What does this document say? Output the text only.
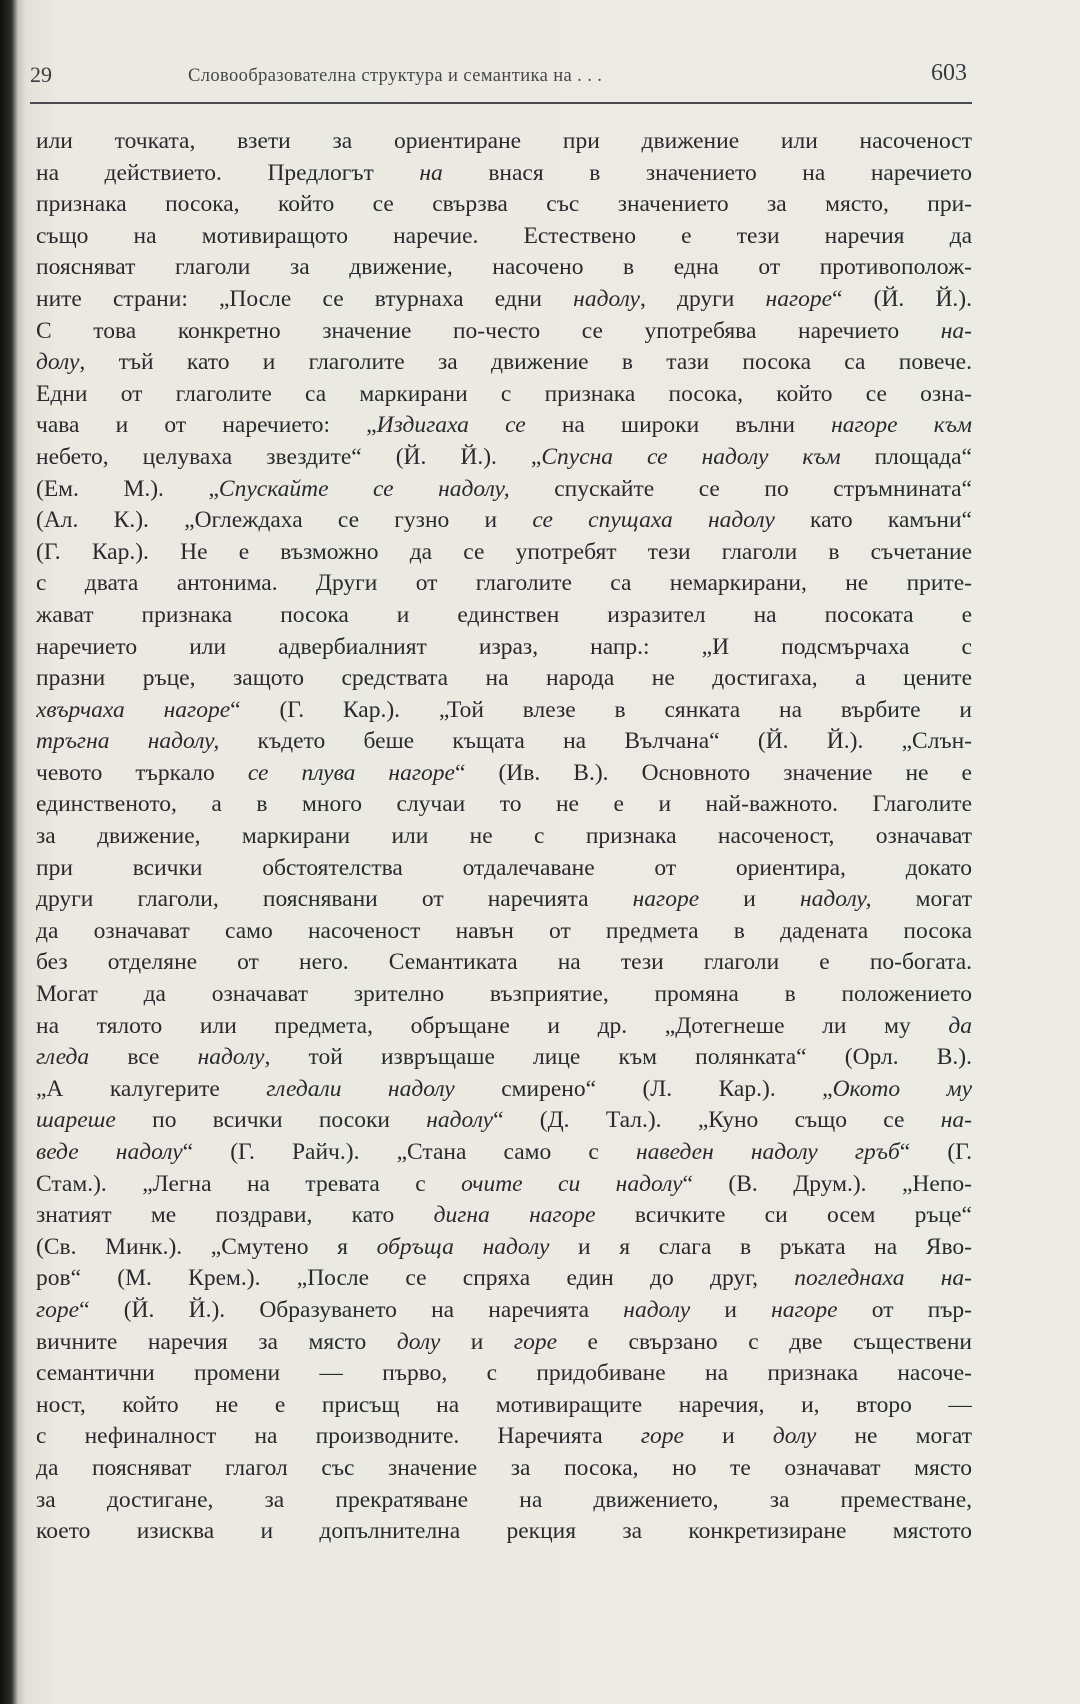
29	Словообразователна структура и семантика на . . .	603
или точката, взети за ориентиране при движение или насоченост
на действието. Предлогът на внася в значението на наречието
признака посока, който се свързва със значението за място, при-
също на мотивиращото наречие. Естествено е тези наречия да
поясняват глаголи за движение, насочено в една от противополож-
ните страни: „После се втурнаха едни надолу, други нагоре“ (Й. Й.).
С това конкретно значение по-често се употребява наречието на-
долу, тъй като и глаголите за движение в тази посока са повече.
Едни от глаголите са маркирани с признака посока, който се озна-
чава и от наречието: „Издигаха се на широки вълни нагоре към
небето, целуваха звездите“ (Й. Й.). „Спусна се надолу към площада“
(Ем. М.). „Спускайте се надолу, спускайте се по стръмнината“
(Ал. К.). „Оглеждаха се гузно и се спущаха надолу като камъни“
(Г. Кар.). Не е възможно да се употребят тези глаголи в съчетание
с двата антонима. Други от глаголите са немаркирани, не прите-
жават признака посока и единствен изразител на посоката е
наречието или адвербиалният израз, напр.: „И подсмърчаха с
празни ръце, защото средствата на народа не достигаха, а цените
хвърчаха нагоре“ (Г. Кар.). „Той влезе в сянката на върбите и
тръгна надолу, където беше къщата на Вълчана“ (Й. Й.). „Слън-
чевото търкало се плува нагоре“ (Ив. В.). Основното значение не е
единственото, а в много случаи то не е и най-важното. Глаголите
за движение, маркирани или не с признака насоченост, означават
при всички обстоятелства отдалечаване от ориентира, докато
други глаголи, пояснявани от наречията нагоре и надолу, могат
да означават само насоченост навън от предмета в дадената посока
без отделяне от него. Семантиката на тези глаголи е по-богата.
Могат да означават зрително възприятие, промяна в положението
на тялото или предмета, обръщане и др. „Дотегнеше ли му да
гледа все надолу, той извръщаше лице към полянката“ (Орл. В.).
„А калугерите гледали надолу смирено“ (Л. Кар.). „Окото му
шареше по всички посоки надолу“ (Д. Тал.). „Куно също се на-
веде надолу“ (Г. Райч.). „Стана само с наведен надолу гръб“ (Г.
Стам.). „Легна на тревата с очите си надолу“ (В. Друм.). „Непо-
знатият ме поздрави, като дигна нагоре всичките си осем ръце“
(Св. Минк.). „Смутено я обръща надолу и я слага в ръката на Яво-
ров“ (М. Крем.). „После се спряха един до друг, погледнаха на-
горе“ (Й. Й.). Образуването на наречията надолу и нагоре от пър-
вичните наречия за място долу и горе е свързано с две съществени
семантични промени — първо, с придобиване на признака насоче-
ност, който не е присъщ на мотивиращите наречия, и, второ —
с нефиналност на производните. Наречията горе и долу не могат
да поясняват глагол със значение за посока, но те означават място
за достигане, за прекратяване на движението, за преместване,
което изисква и допълнителна рекция за конкретизиране мястото
